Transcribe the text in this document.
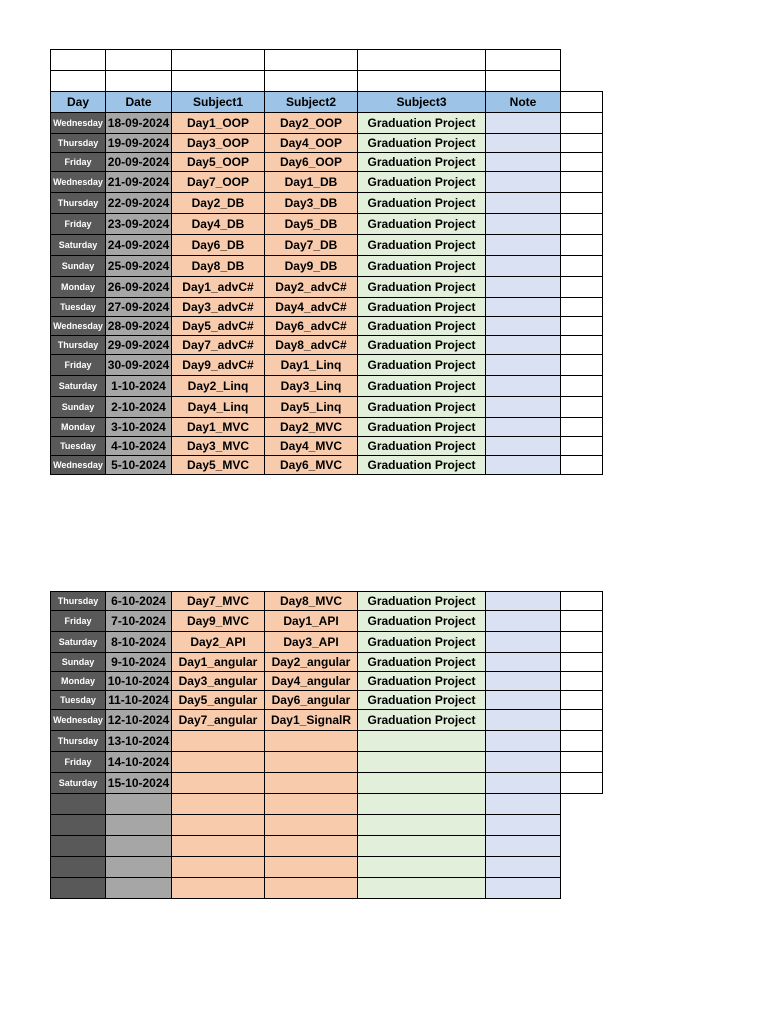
Day	Date	Subject1	Subject2	Subject3	Note	
Wednesday	18-09-2024	Day1_OOP	Day2_OOP	Graduation Project		
Thursday	19-09-2024	Day3_OOP	Day4_OOP	Graduation Project		
Friday	20-09-2024	Day5_OOP	Day6_OOP	Graduation Project		
Wednesday	21-09-2024	Day7_OOP	Day1_DB	Graduation Project		
Thursday	22-09-2024	Day2_DB	Day3_DB	Graduation Project		
Friday	23-09-2024	Day4_DB	Day5_DB	Graduation Project		
Saturday	24-09-2024	Day6_DB	Day7_DB	Graduation Project		
Sunday	25-09-2024	Day8_DB	Day9_DB	Graduation Project		
Monday	26-09-2024	Day1_advC#	Day2_advC#	Graduation Project		
Tuesday	27-09-2024	Day3_advC#	Day4_advC#	Graduation Project		
Wednesday	28-09-2024	Day5_advC#	Day6_advC#	Graduation Project		
Thursday	29-09-2024	Day7_advC#	Day8_advC#	Graduation Project		
Friday	30-09-2024	Day9_advC#	Day1_Linq	Graduation Project		
Saturday	1-10-2024	Day2_Linq	Day3_Linq	Graduation Project		
Sunday	2-10-2024	Day4_Linq	Day5_Linq	Graduation Project		
Monday	3-10-2024	Day1_MVC	Day2_MVC	Graduation Project		
Tuesday	4-10-2024	Day3_MVC	Day4_MVC	Graduation Project		
Wednesday	5-10-2024	Day5_MVC	Day6_MVC	Graduation Project		
Thursday	6-10-2024	Day7_MVC	Day8_MVC	Graduation Project		
Friday	7-10-2024	Day9_MVC	Day1_API	Graduation Project		
Saturday	8-10-2024	Day2_API	Day3_API	Graduation Project		
Sunday	9-10-2024	Day1_angular	Day2_angular	Graduation Project		
Monday	10-10-2024	Day3_angular	Day4_angular	Graduation Project		
Tuesday	11-10-2024	Day5_angular	Day6_angular	Graduation Project		
Wednesday	12-10-2024	Day7_angular	Day1_SignalR	Graduation Project		
Thursday	13-10-2024					
Friday	14-10-2024					
Saturday	15-10-2024					
